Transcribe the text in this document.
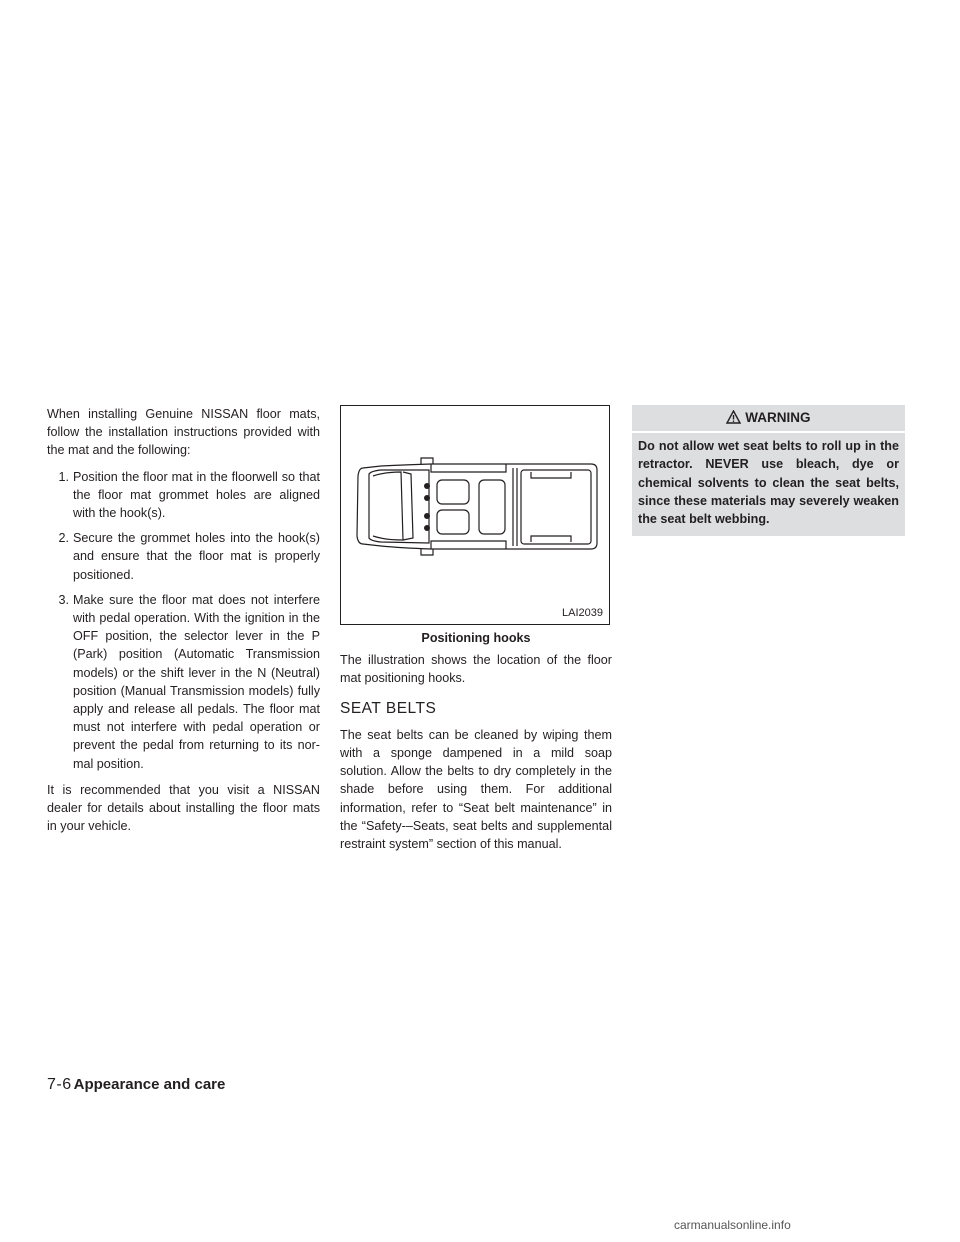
When installing Genuine NISSAN floor mats, follow the installation instructions provided with the mat and the following:

1. Position the floor mat in the floorwell so that the floor mat grommet holes are aligned with the hook(s).
2. Secure the grommet holes into the hook(s) and ensure that the floor mat is properly positioned.
3. Make sure the floor mat does not interfere with pedal operation. With the ignition in the OFF position, the selector lever in the P (Park) position (Automatic Transmission models) or the shift lever in the N (Neutral) position (Manual Transmission models) fully apply and release all pedals. The floor mat must not interfere with pedal operation or prevent the pedal from returning to its nor-mal position.

It is recommended that you visit a NISSAN dealer for details about installing the floor mats in your vehicle.

LAI2039
Positioning hooks

The illustration shows the location of the floor mat positioning hooks.

SEAT BELTS

The seat belts can be cleaned by wiping them with a sponge dampened in a mild soap solution. Allow the belts to dry completely in the shade before using them. For additional information, refer to “Seat belt maintenance” in the “Safety-–Seats, seat belts and supplemental restraint system” section of this manual.

WARNING
Do not allow wet seat belts to roll up in the retractor. NEVER use bleach, dye or chemical solvents to clean the seat belts, since these materials may severely weaken the seat belt webbing.
7-6 Appearance and care
carmanualsonline.info
